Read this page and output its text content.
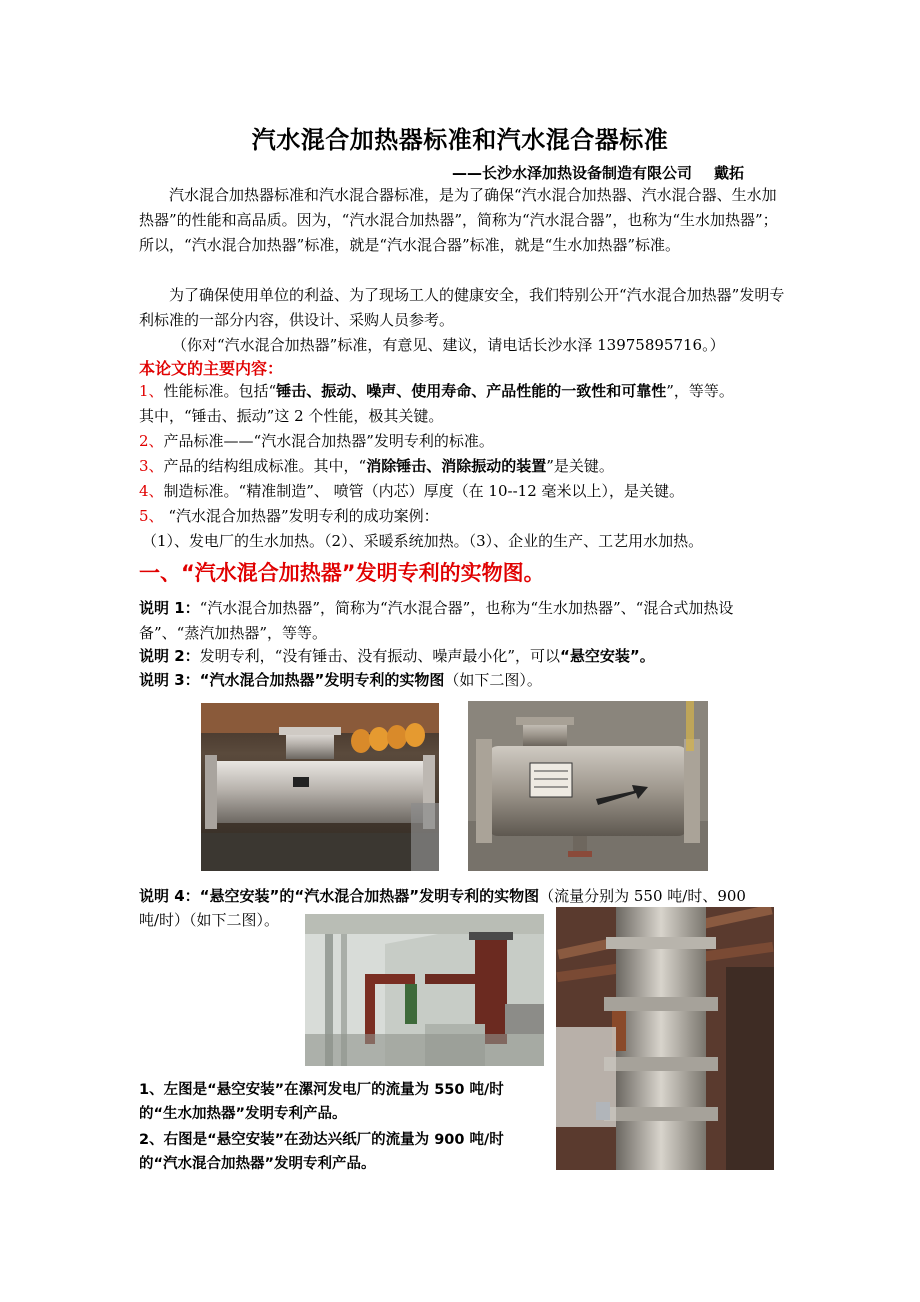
汽水混合加热器标准和汽水混合器标准
——长沙水泽加热设备制造有限公司 戴拓
汽水混合加热器标准和汽水混合器标准，是为了确保“汽水混合加热器、汽水混合器、生水加热器”的性能和高品质。因为，“汽水混合加热器”，简称为“汽水混合器”，也称为“生水加热器”；所以，“汽水混合加热器”标准，就是“汽水混合器”标准，就是“生水加热器”标准。
为了确保使用单位的利益、为了现场工人的健康安全，我们特别公开“汽水混合加热器”发明专利标准的一部分内容，供设计、采购人员参考。
（你对“汽水混合加热器”标准，有意见、建议，请电话长沙水泽 13975895716。）
本论文的主要内容：
1、性能标准。包括“锤击、振动、噪声、使用寿命、产品性能的一致性和可靠性”，等等。
其中，“锤击、振动”这 2 个性能，极其关键。
2、产品标准——“汽水混合加热器”发明专利的标准。
3、产品的结构组成标准。其中，“消除锤击、消除振动的装置”是关键。
4、制造标准。“精准制造”、 喷管（内芯）厚度（在 10--12 毫米以上），是关键。
5、 “汽水混合加热器”发明专利的成功案例：
（1）、发电厂的生水加热。（2）、采暖系统加热。（3）、企业的生产、工艺用水加热。
一、“汽水混合加热器”发明专利的实物图。
说明 1：“汽水混合加热器”，简称为“汽水混合器”，也称为“生水加热器”、“混合式加热设备”、“蒸汽加热器”，等等。
说明 2：发明专利，“没有锤击、没有振动、噪声最小化”，可以“悬空安装”。
说明 3：“汽水混合加热器”发明专利的实物图（如下二图）。
说明 4：“悬空安装”的“汽水混合加热器”发明专利的实物图（流量分别为 550 吨/时、900
吨/时）（如下二图）。
1、左图是“悬空安装”在漯河发电厂的流量为 550 吨/时
的“生水加热器”发明专利产品。
2、右图是“悬空安装”在劲达兴纸厂的流量为 900 吨/时
的“汽水混合加热器”发明专利产品。
